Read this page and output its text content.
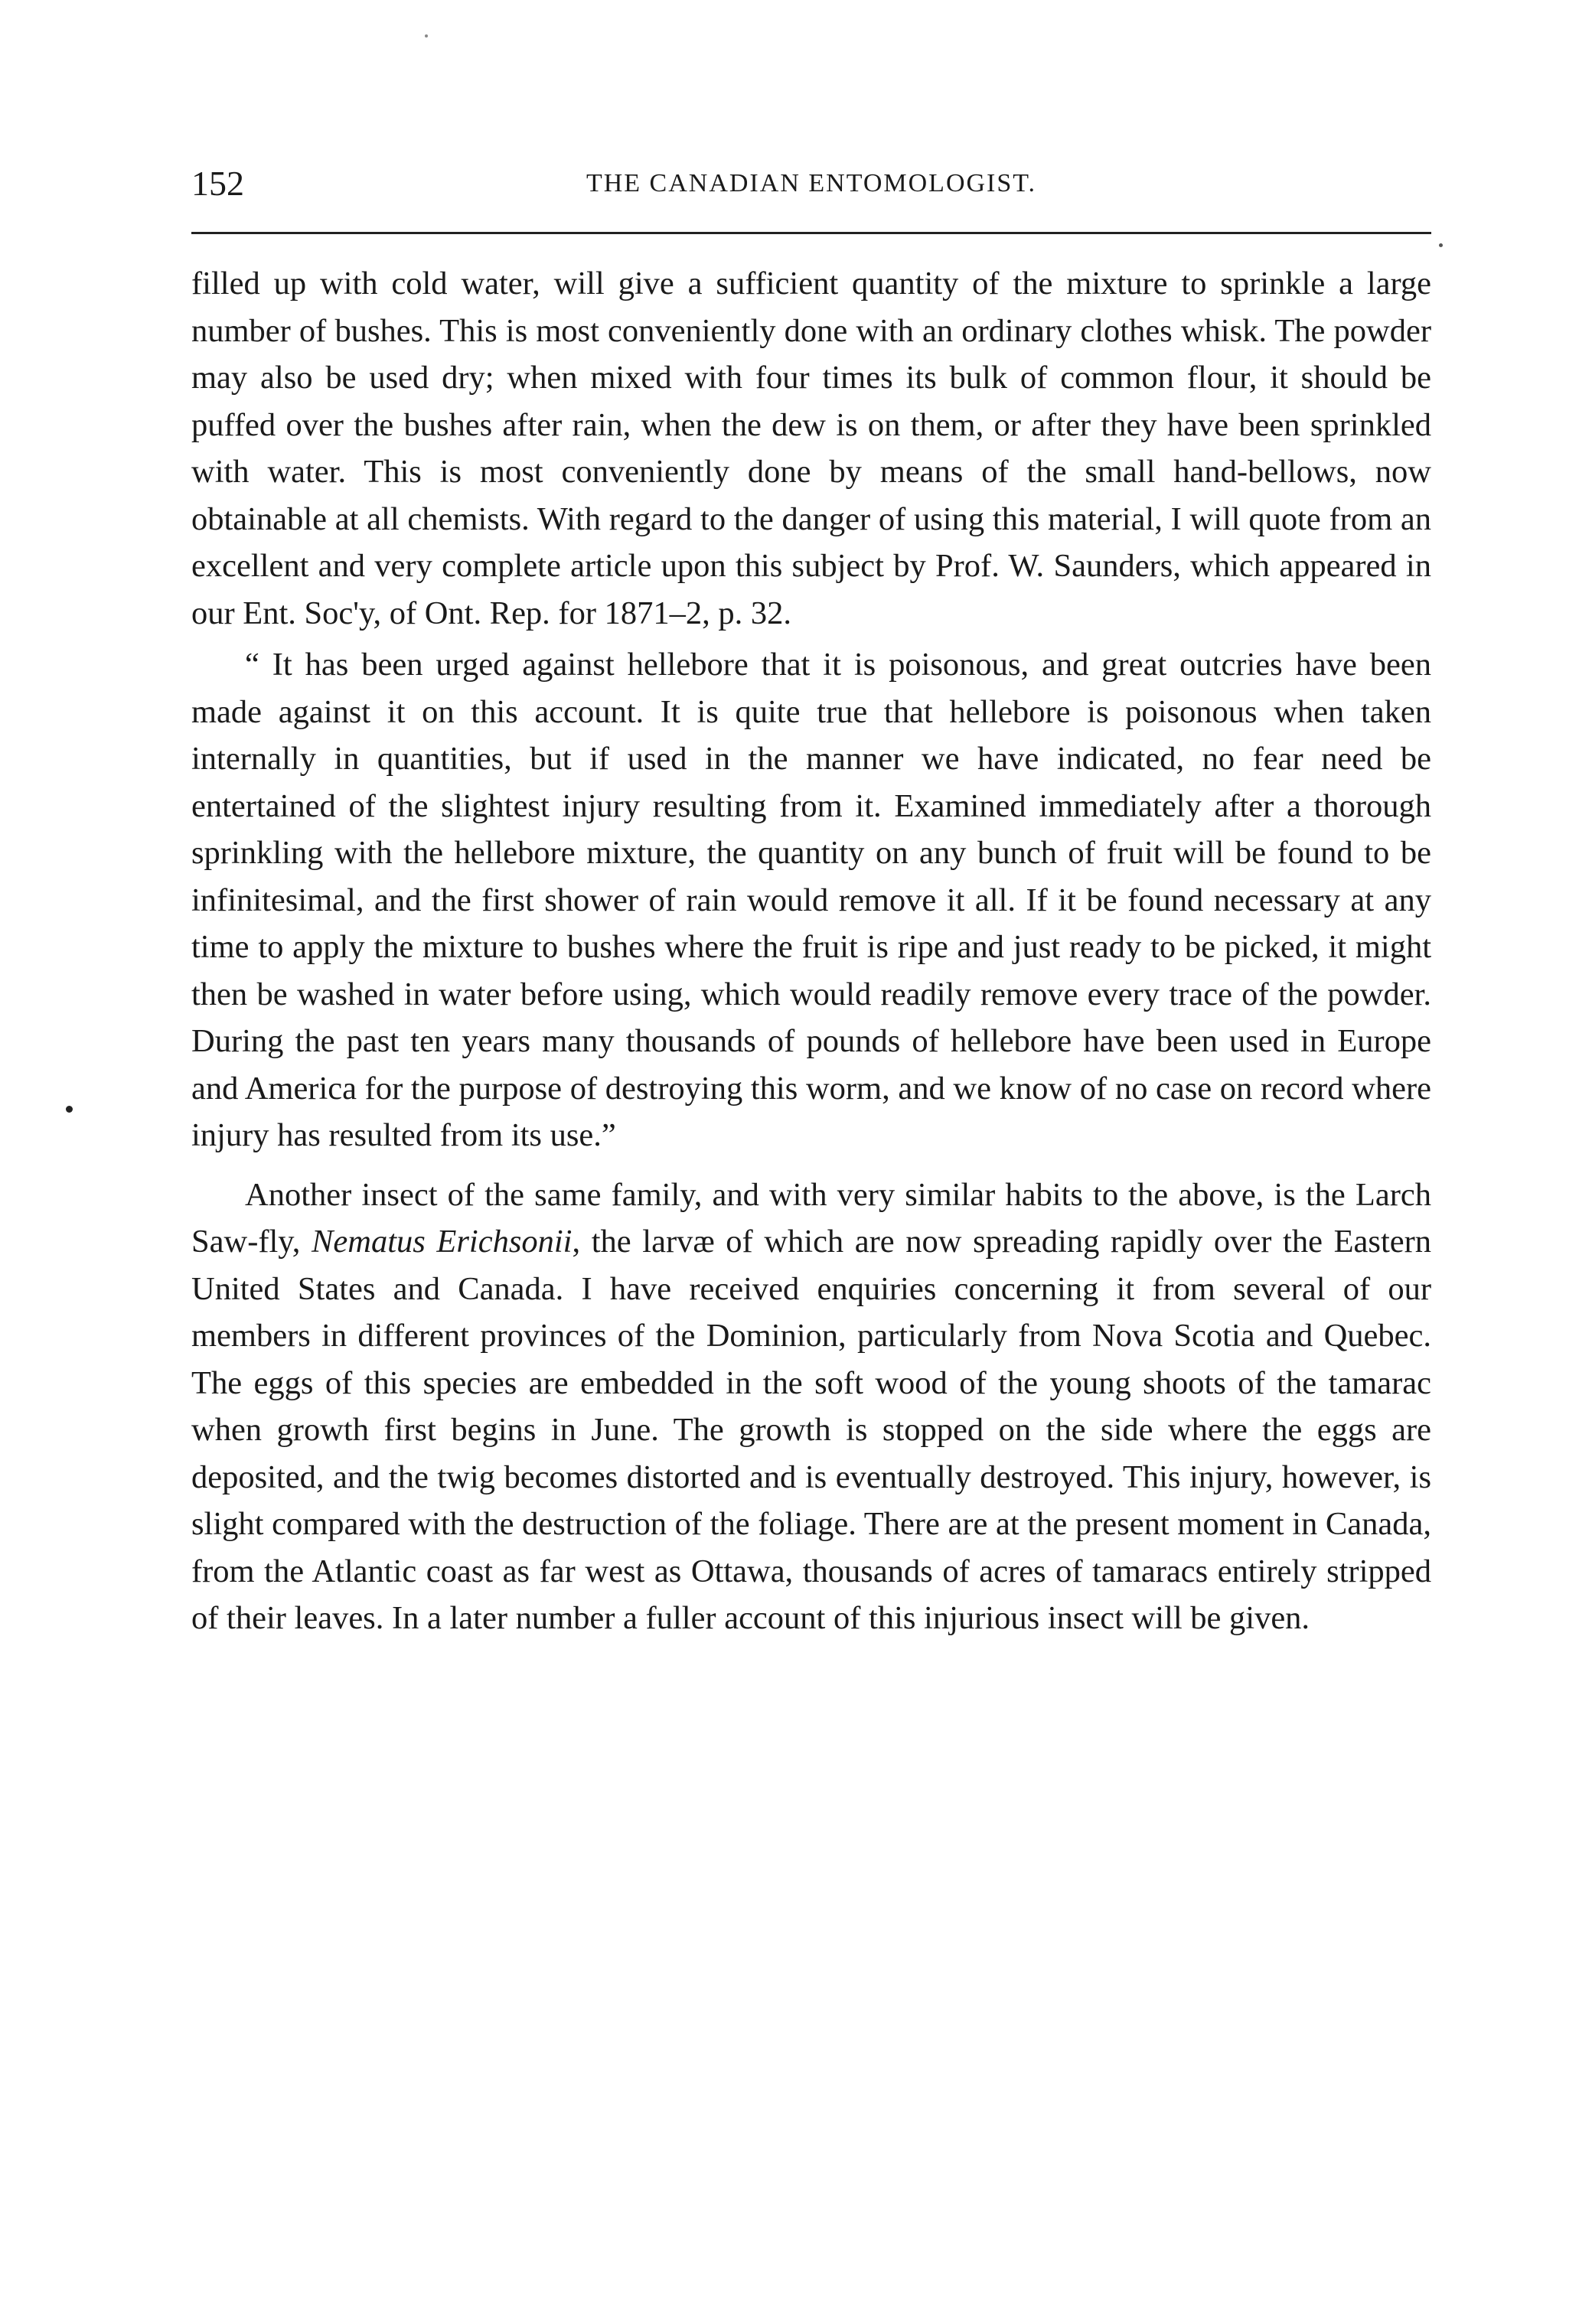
152	THE CANADIAN ENTOMOLOGIST.

filled up with cold water, will give a sufficient quantity of the mixture to sprinkle a large number of bushes. This is most conveniently done with an ordinary clothes whisk. The powder may also be used dry; when mixed with four times its bulk of common flour, it should be puffed over the bushes after rain, when the dew is on them, or after they have been sprinkled with water. This is most conveniently done by means of the small hand-bellows, now obtainable at all chemists. With regard to the danger of using this material, I will quote from an excellent and very complete article upon this subject by Prof. W. Saunders, which appeared in our Ent. Soc'y, of Ont. Rep. for 1871–2, p. 32.

“ It has been urged against hellebore that it is poisonous, and great outcries have been made against it on this account. It is quite true that hellebore is poisonous when taken internally in quantities, but if used in the manner we have indicated, no fear need be entertained of the slightest injury resulting from it. Examined immediately after a thorough sprinkling with the hellebore mixture, the quantity on any bunch of fruit will be found to be infinitesimal, and the first shower of rain would remove it all. If it be found necessary at any time to apply the mixture to bushes where the fruit is ripe and just ready to be picked, it might then be washed in water before using, which would readily remove every trace of the powder. During the past ten years many thousands of pounds of hellebore have been used in Europe and America for the purpose of destroying this worm, and we know of no case on record where injury has resulted from its use.”

Another insect of the same family, and with very similar habits to the above, is the Larch Saw-fly, Nematus Erichsonii, the larvæ of which are now spreading rapidly over the Eastern United States and Canada. I have received enquiries concerning it from several of our members in different provinces of the Dominion, particularly from Nova Scotia and Quebec. The eggs of this species are embedded in the soft wood of the young shoots of the tamarac when growth first begins in June. The growth is stopped on the side where the eggs are deposited, and the twig becomes distorted and is eventually destroyed. This injury, however, is slight compared with the destruction of the foliage. There are at the present moment in Canada, from the Atlantic coast as far west as Ottawa, thousands of acres of tamaracs entirely stripped of their leaves. In a later number a fuller account of this injurious insect will be given.
